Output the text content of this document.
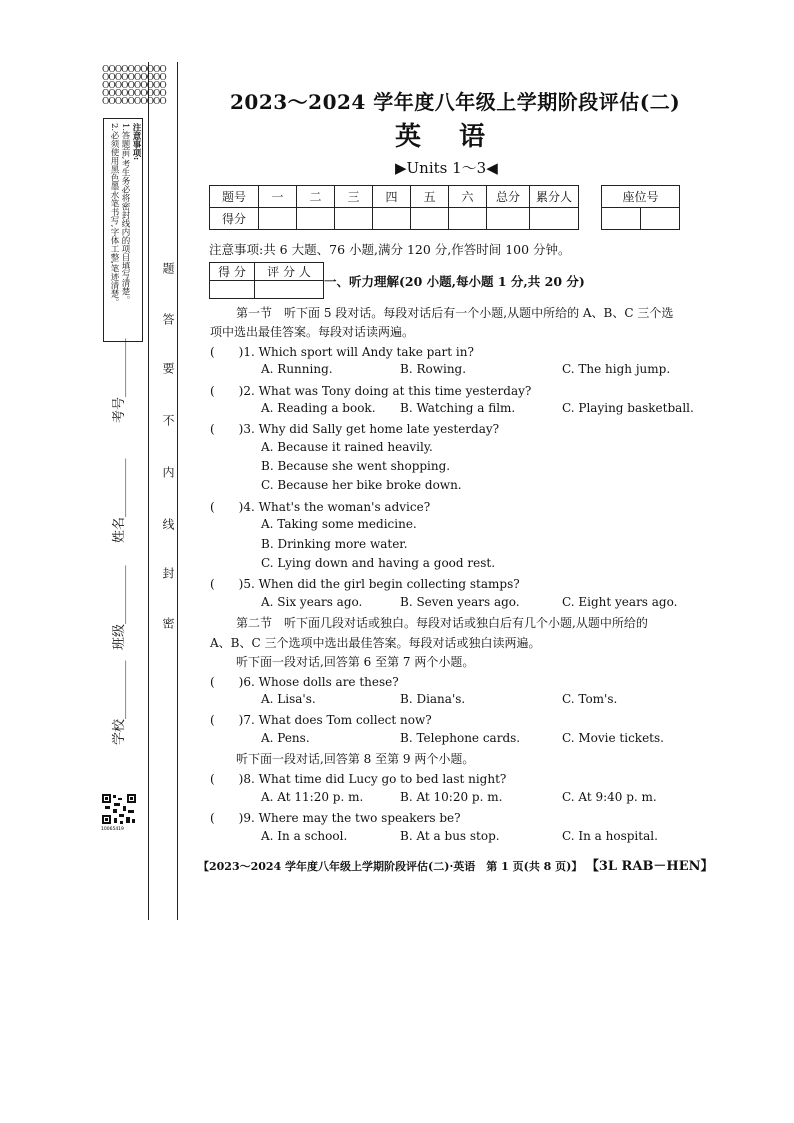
OOOOOOOOOO
OOOOOOOOOO
OOOOOOOOOO
OOOOOOOOOO
OOOOOOOOOO
注意事项:
1.答题前,考生务必将密封线内的项目填写清楚。
2.必须使用黑色墨水笔书写,字体工整,笔迹清楚。
考号_________
姓名_________
班级_________
学校_________
密
封
线
内
不
要
答
题
10065419
2023～2024 学年度八年级上学期阶段评估(二)
英语
▶Units 1～3◀
题号	一	二	三	四	五	六	总分	累分人
得分								
座位号

注意事项:共 6 大题、76 小题,满分 120 分,作答时间 100 分钟。
得 分	评 分 人

一、听力理解(20 小题,每小题 1 分,共 20 分)
第一节　听下面 5 段对话。每段对话后有一个小题,从题中所给的 A、B、C 三个选
项中选出最佳答案。每段对话读两遍。
(　　)1. Which sport will Andy take part in?
A. Running.	B. Rowing.	C. The high jump.
(　　)2. What was Tony doing at this time yesterday?
A. Reading a book. B. Watching a film.	C. Playing basketball.
(　　)3. Why did Sally get home late yesterday?
A. Because it rained heavily.
B. Because she went shopping.
C. Because her bike broke down.
(　　)4. What's the woman's advice?
A. Taking some medicine.
B. Drinking more water.
C. Lying down and having a good rest.
(　　)5. When did the girl begin collecting stamps?
A. Six years ago.	B. Seven years ago.	C. Eight years ago.
第二节　听下面几段对话或独白。每段对话或独白后有几个小题,从题中所给的
A、B、C 三个选项中选出最佳答案。每段对话或独白读两遍。
听下面一段对话,回答第 6 至第 7 两个小题。
(　　)6. Whose dolls are these?
A. Lisa's.	B. Diana's.	C. Tom's.
(　　)7. What does Tom collect now?
A. Pens.	B. Telephone cards.	C. Movie tickets.
听下面一段对话,回答第 8 至第 9 两个小题。
(　　)8. What time did Lucy go to bed last night?
A. At 11:20 p. m.	B. At 10:20 p. m.	C. At 9:40 p. m.
(　　)9. Where may the two speakers be?
A. In a school.	B. At a bus stop.	C. In a hospital.
【2023～2024 学年度八年级上学期阶段评估(二)·英语　第 1 页(共 8 页)】 【3L RAB－HEN】
